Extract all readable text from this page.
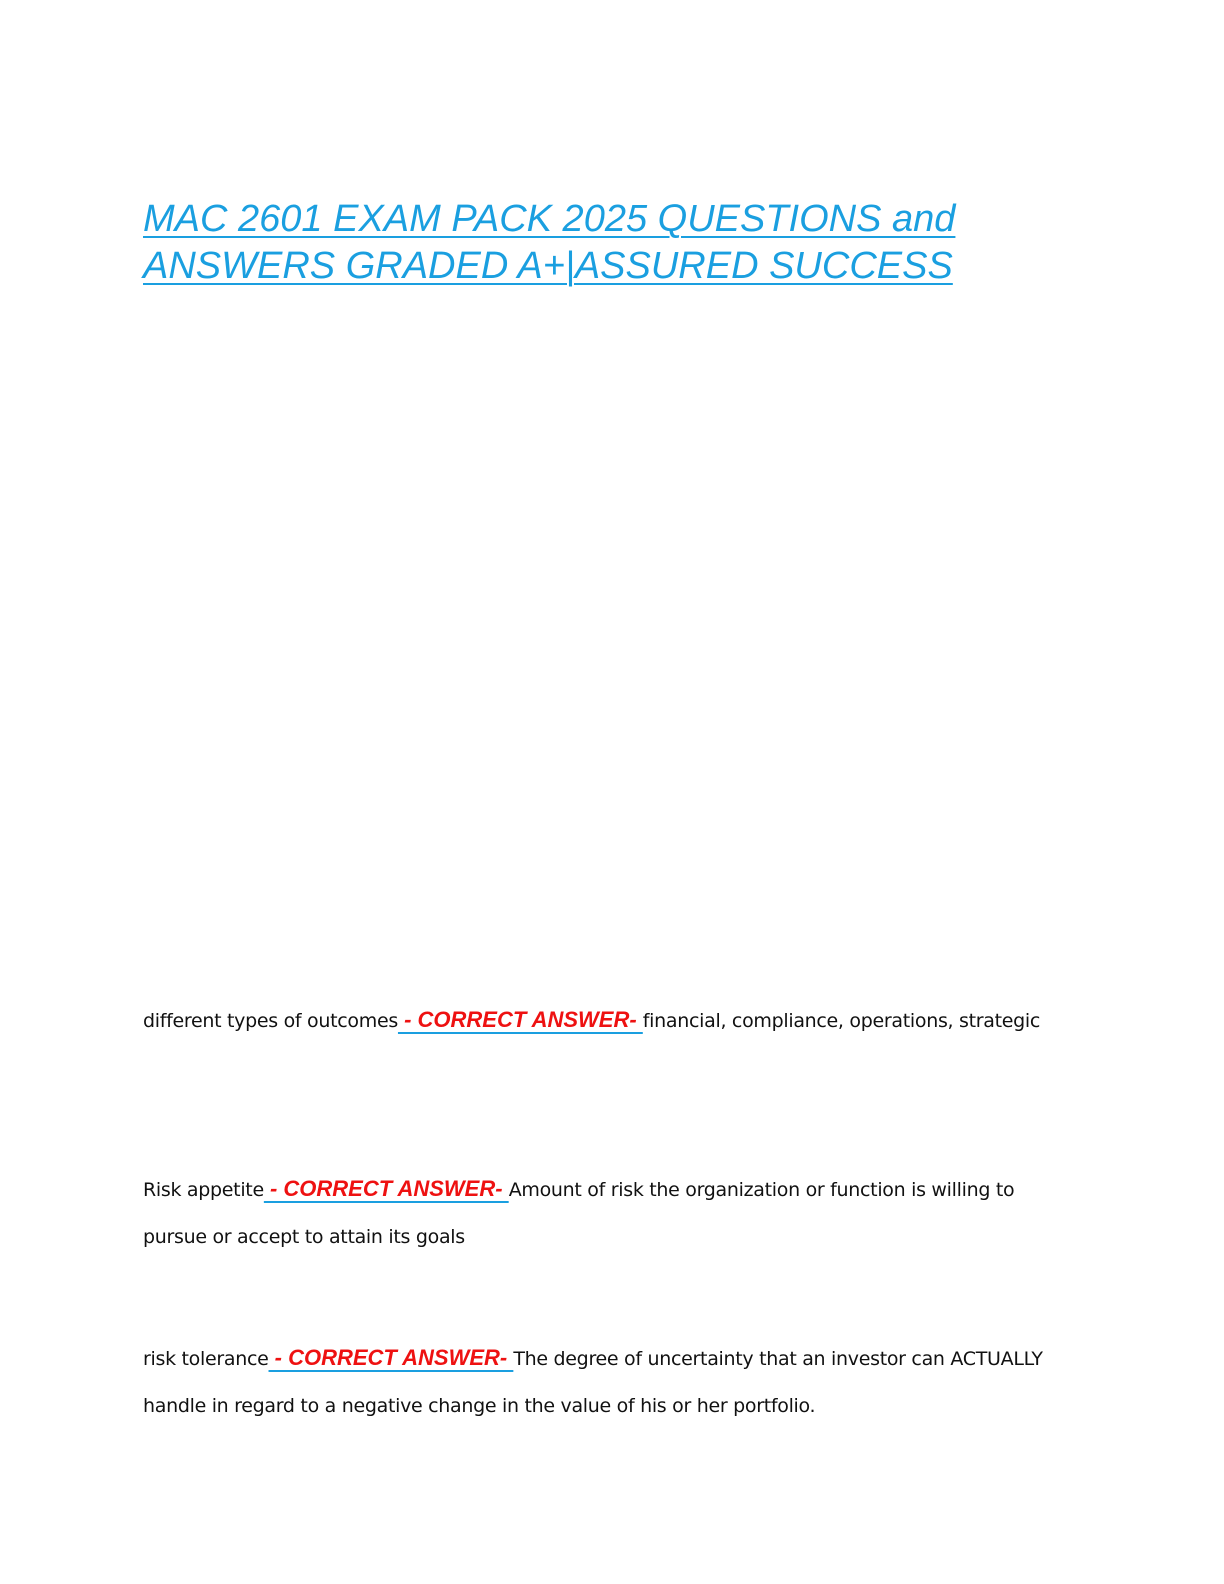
MAC 2601 EXAM PACK 2025 QUESTIONS and ANSWERS GRADED A+|ASSURED SUCCESS

different types of outcomes - CORRECT ANSWER- financial, compliance, operations, strategic

Risk appetite - CORRECT ANSWER- Amount of risk the organization or function is willing to pursue or accept to attain its goals

risk tolerance - CORRECT ANSWER- The degree of uncertainty that an investor can ACTUALLY handle in regard to a negative change in the value of his or her portfolio.
